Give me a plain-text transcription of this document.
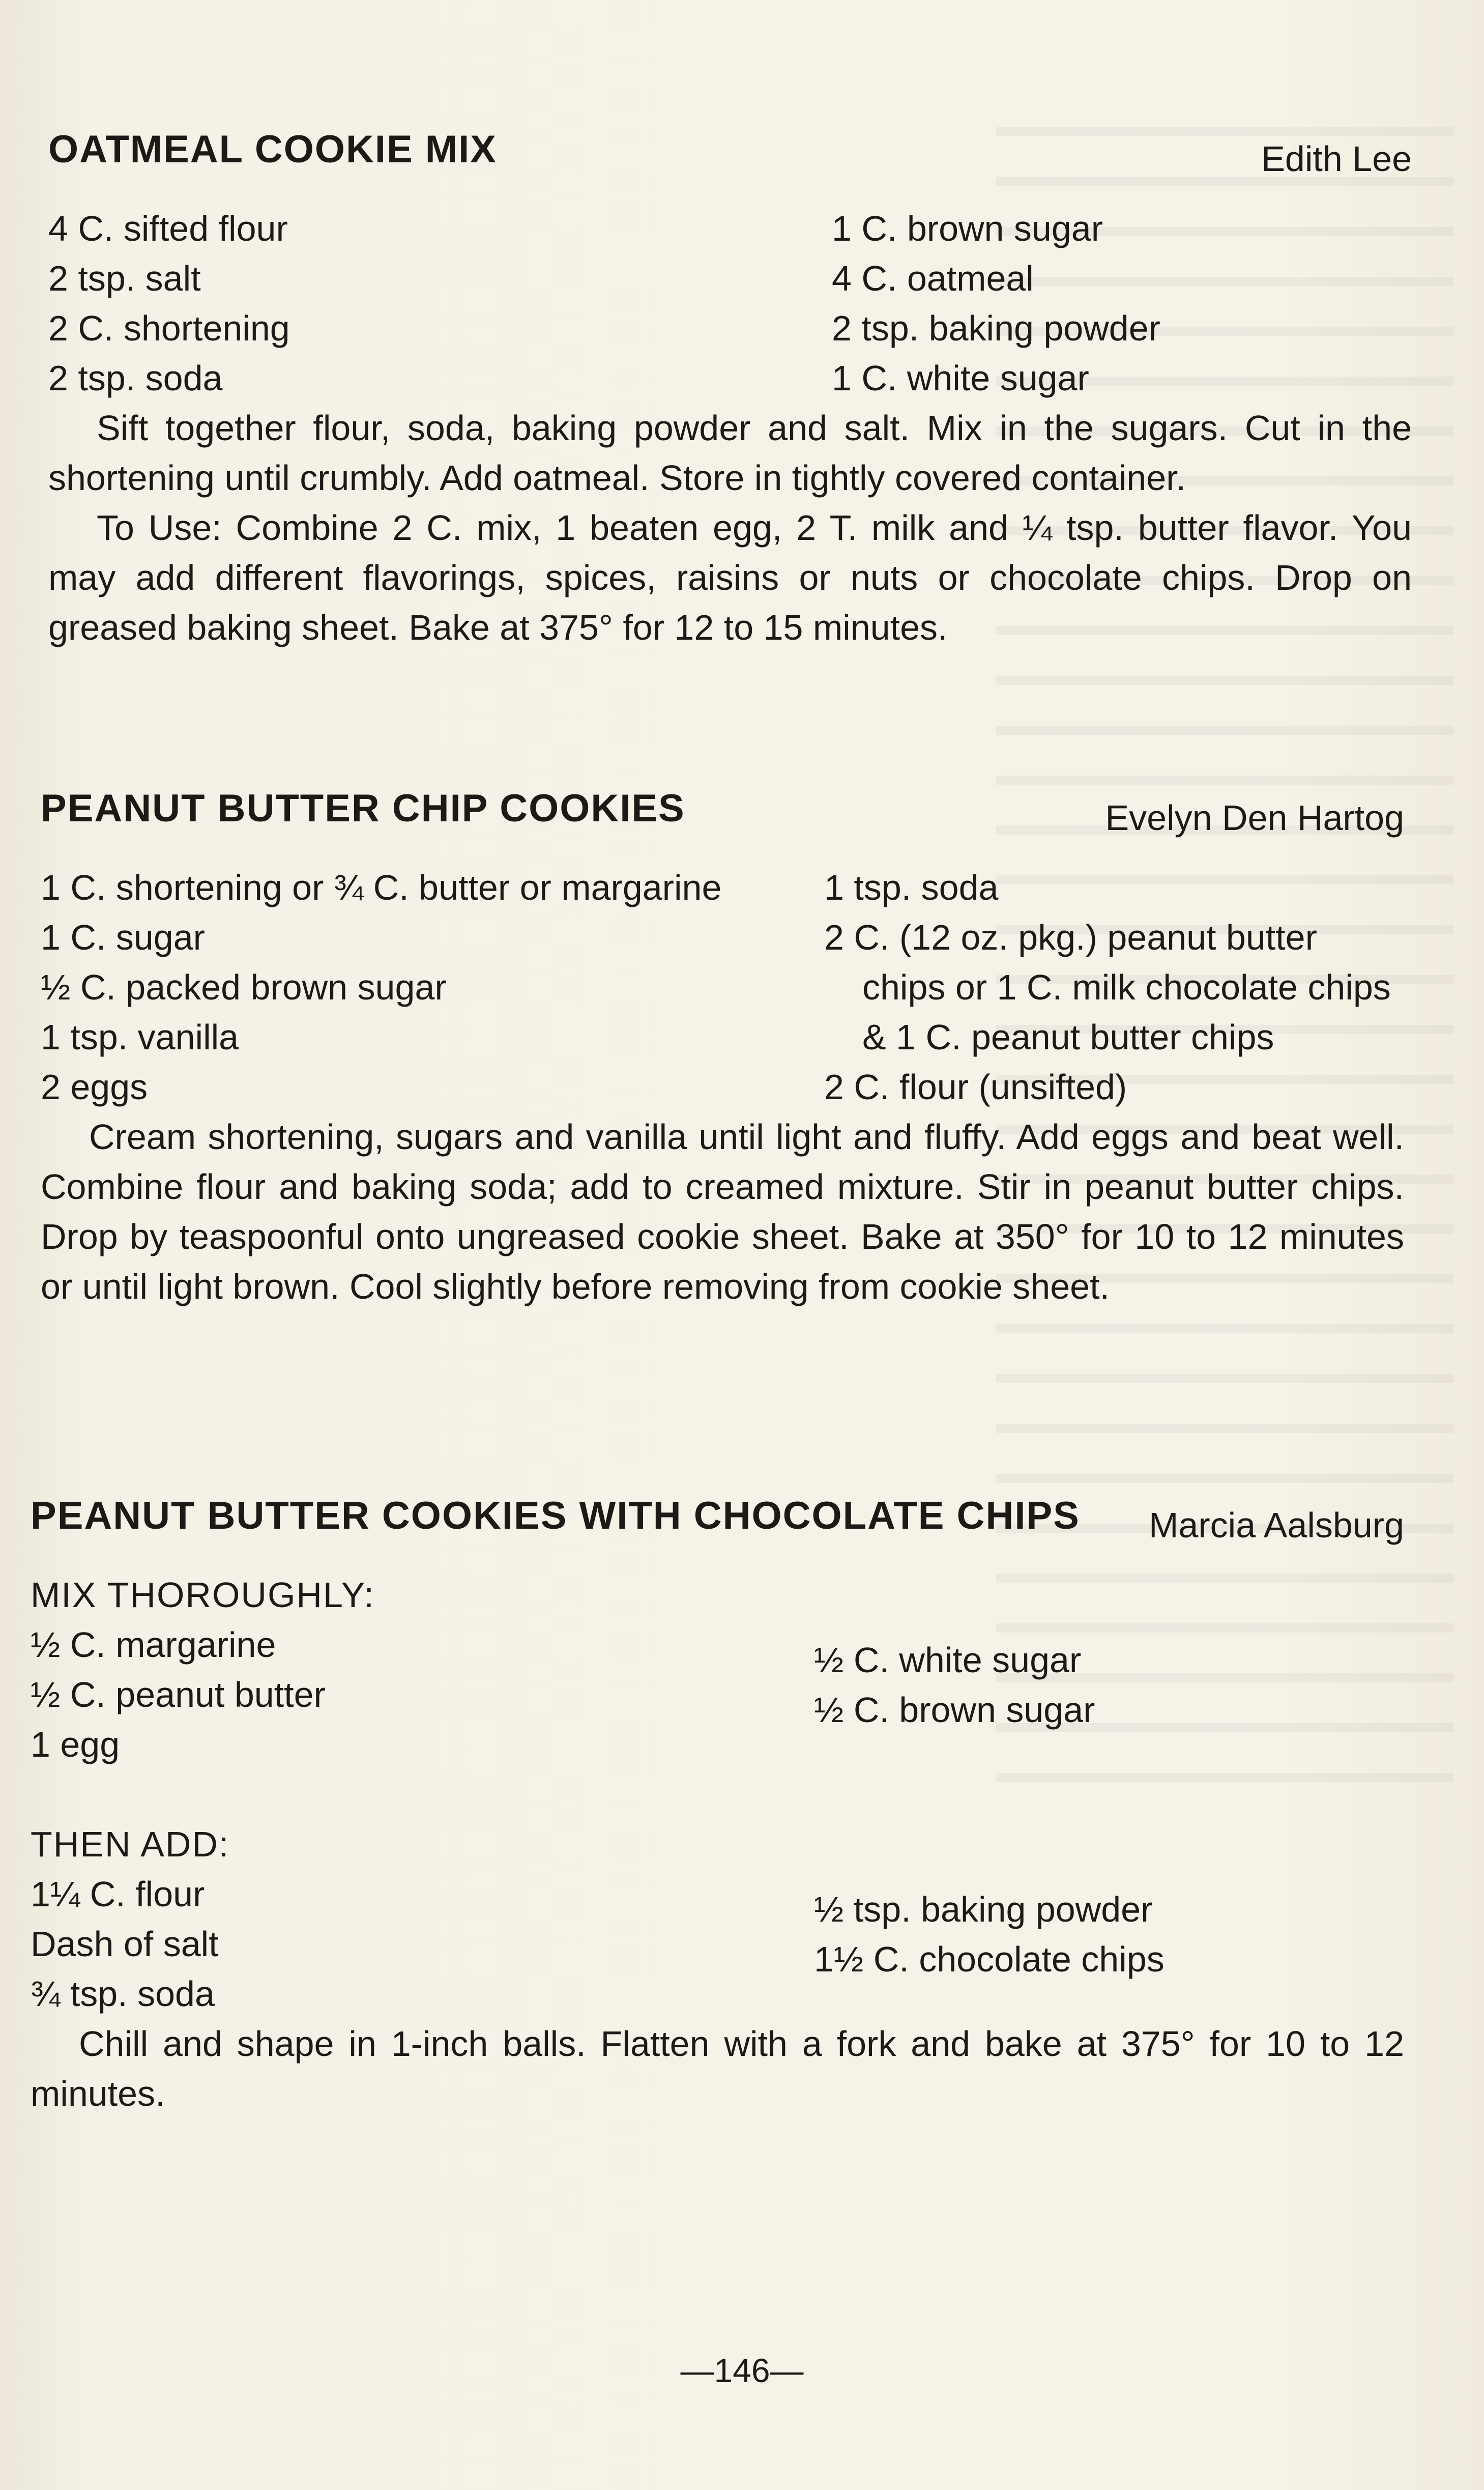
OATMEAL COOKIE MIX	Edith Lee
4 C. sifted flour
2 tsp. salt
2 C. shortening
2 tsp. soda
1 C. brown sugar
4 C. oatmeal
2 tsp. baking powder
1 C. white sugar

Sift together flour, soda, baking powder and salt. Mix in the sugars. Cut in the shortening until crumbly. Add oatmeal. Store in tightly covered container.

To Use: Combine 2 C. mix, 1 beaten egg, 2 T. milk and ¼ tsp. butter flavor. You may add different flavorings, spices, raisins or nuts or chocolate chips. Drop on greased baking sheet. Bake at 375° for 12 to 15 minutes.

PEANUT BUTTER CHIP COOKIES	Evelyn Den Hartog
1 C. shortening or ¾ C. butter or margarine
1 C. sugar
½ C. packed brown sugar
1 tsp. vanilla
2 eggs
1 tsp. soda
2 C. (12 oz. pkg.) peanut butter
chips or 1 C. milk chocolate chips
& 1 C. peanut butter chips
2 C. flour (unsifted)

Cream shortening, sugars and vanilla until light and fluffy. Add eggs and beat well. Combine flour and baking soda; add to creamed mixture. Stir in peanut butter chips. Drop by teaspoonful onto ungreased cookie sheet. Bake at 350° for 10 to 12 minutes or until light brown. Cool slightly before removing from cookie sheet.

PEANUT BUTTER COOKIES WITH CHOCOLATE CHIPS Marcia Aalsburg
MIX THOROUGHLY:
½ C. margarine
½ C. peanut butter
1 egg
½ C. white sugar
½ C. brown sugar
THEN ADD:
1¼ C. flour
Dash of salt
¾ tsp. soda
½ tsp. baking powder
1½ C. chocolate chips

Chill and shape in 1-inch balls. Flatten with a fork and bake at 375° for 10 to 12 minutes.

—146—
